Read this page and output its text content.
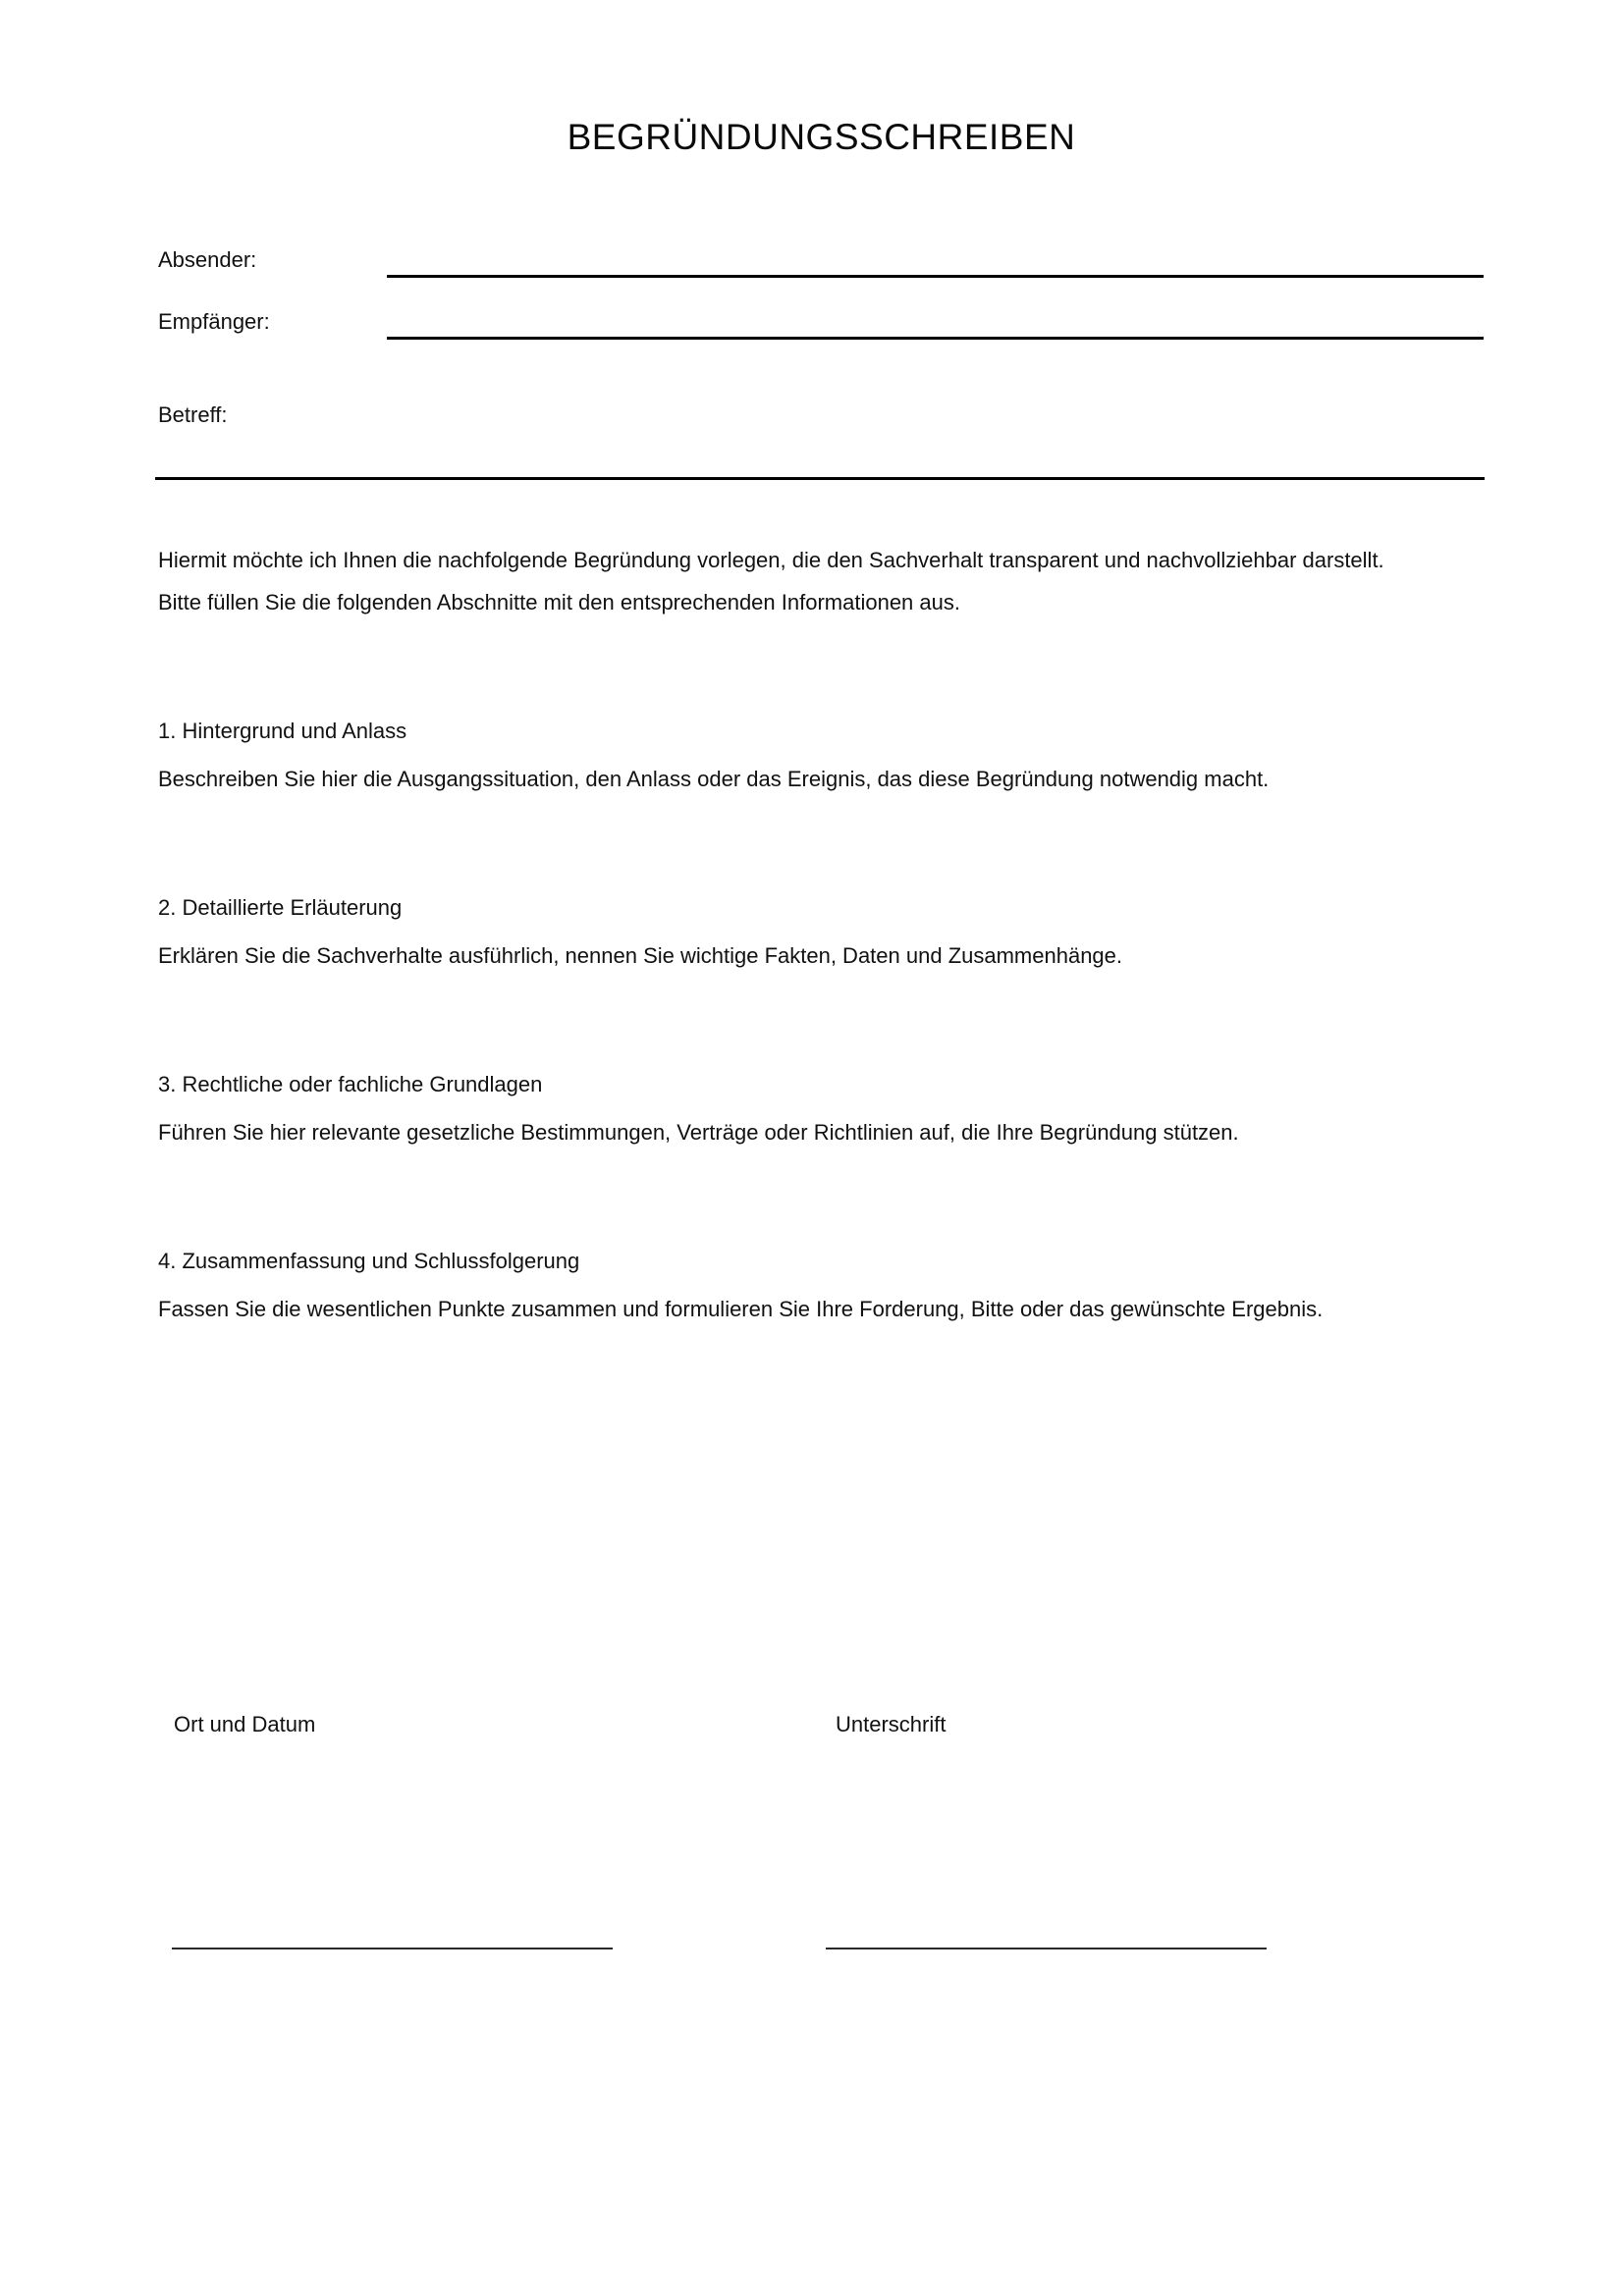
BEGRÜNDUNGSSCHREIBEN
Absender:
Empfänger:
Betreff:

Hiermit möchte ich Ihnen die nachfolgende Begründung vorlegen, die den Sachverhalt transparent und nachvollziehbar darstellt. Bitte füllen Sie die folgenden Abschnitte mit den entsprechenden Informationen aus.

1. Hintergrund und Anlass

Beschreiben Sie hier die Ausgangssituation, den Anlass oder das Ereignis, das diese Begründung notwendig macht.

2. Detaillierte Erläuterung

Erklären Sie die Sachverhalte ausführlich, nennen Sie wichtige Fakten, Daten und Zusammenhänge.

3. Rechtliche oder fachliche Grundlagen

Führen Sie hier relevante gesetzliche Bestimmungen, Verträge oder Richtlinien auf, die Ihre Begründung stützen.

4. Zusammenfassung und Schlussfolgerung

Fassen Sie die wesentlichen Punkte zusammen und formulieren Sie Ihre Forderung, Bitte oder das gewünschte Ergebnis.

Ort und Datum	Unterschrift
